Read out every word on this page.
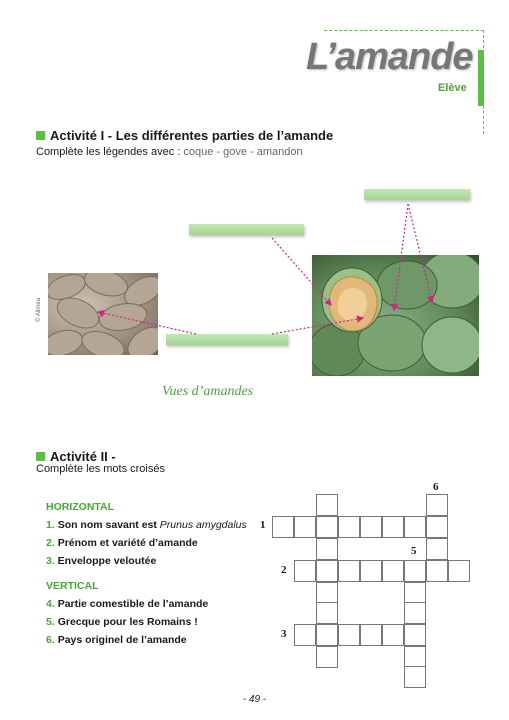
L’amande
Elève
Activité I - Les différentes parties de l’amande
Complète les légendes avec : coque - gove - amandon
© Alimea
Vues d’amandes
Activité II -
Complète les mots croisés
HORIZONTAL
1. Son nom savant est Prunus amygdalus
2. Prénom et variété d’amande
3. Enveloppe veloutée
VERTICAL
4. Partie comestible de l’amande
5. Grecque pour les Romains !
6. Pays originel de l’amande
1
2
3
5
6
- 49 -
